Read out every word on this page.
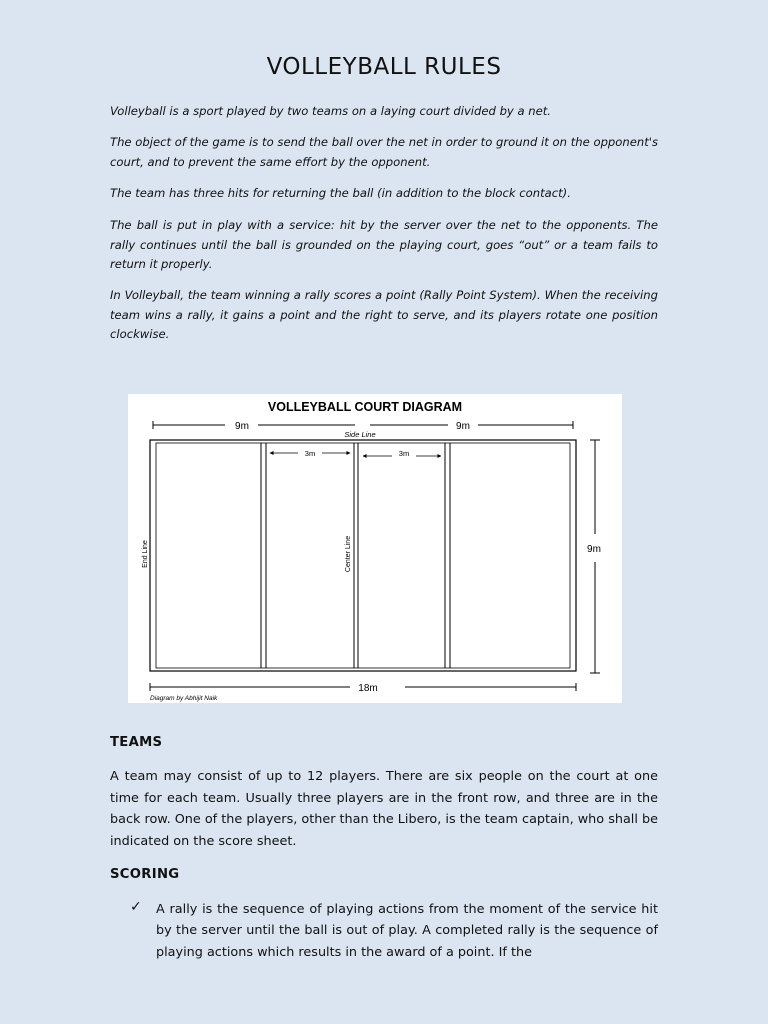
VOLLEYBALL RULES

Volleyball is a sport played by two teams on a laying court divided by a net.

The object of the game is to send the ball over the net in order to ground it on the opponent's court, and to prevent the same effort by the opponent.

The team has three hits for returning the ball (in addition to the block contact).

The ball is put in play with a service: hit by the server over the net to the opponents. The rally continues until the ball is grounded on the playing court, goes “out” or a team fails to return it properly.

In Volleyball, the team winning a rally scores a point (Rally Point System). When the receiving team wins a rally, it gains a point and the right to serve, and its players rotate one position clockwise.

VOLLEYBALL COURT DIAGRAM
9m	9m
Side Line
3m	3m
End Line	Center Line	9m
18m
Diagram by Abhijit Naik
TEAMS

A team may consist of up to 12 players. There are six people on the court at one time for each team. Usually three players are in the front row, and three are in the back row. One of the players, other than the Libero, is the team captain, who shall be indicated on the score sheet.

SCORING
✓ A rally is the sequence of playing actions from the moment of the service hit by the server until the ball is out of play. A completed rally is the sequence of playing actions which results in the award of a point. If the
